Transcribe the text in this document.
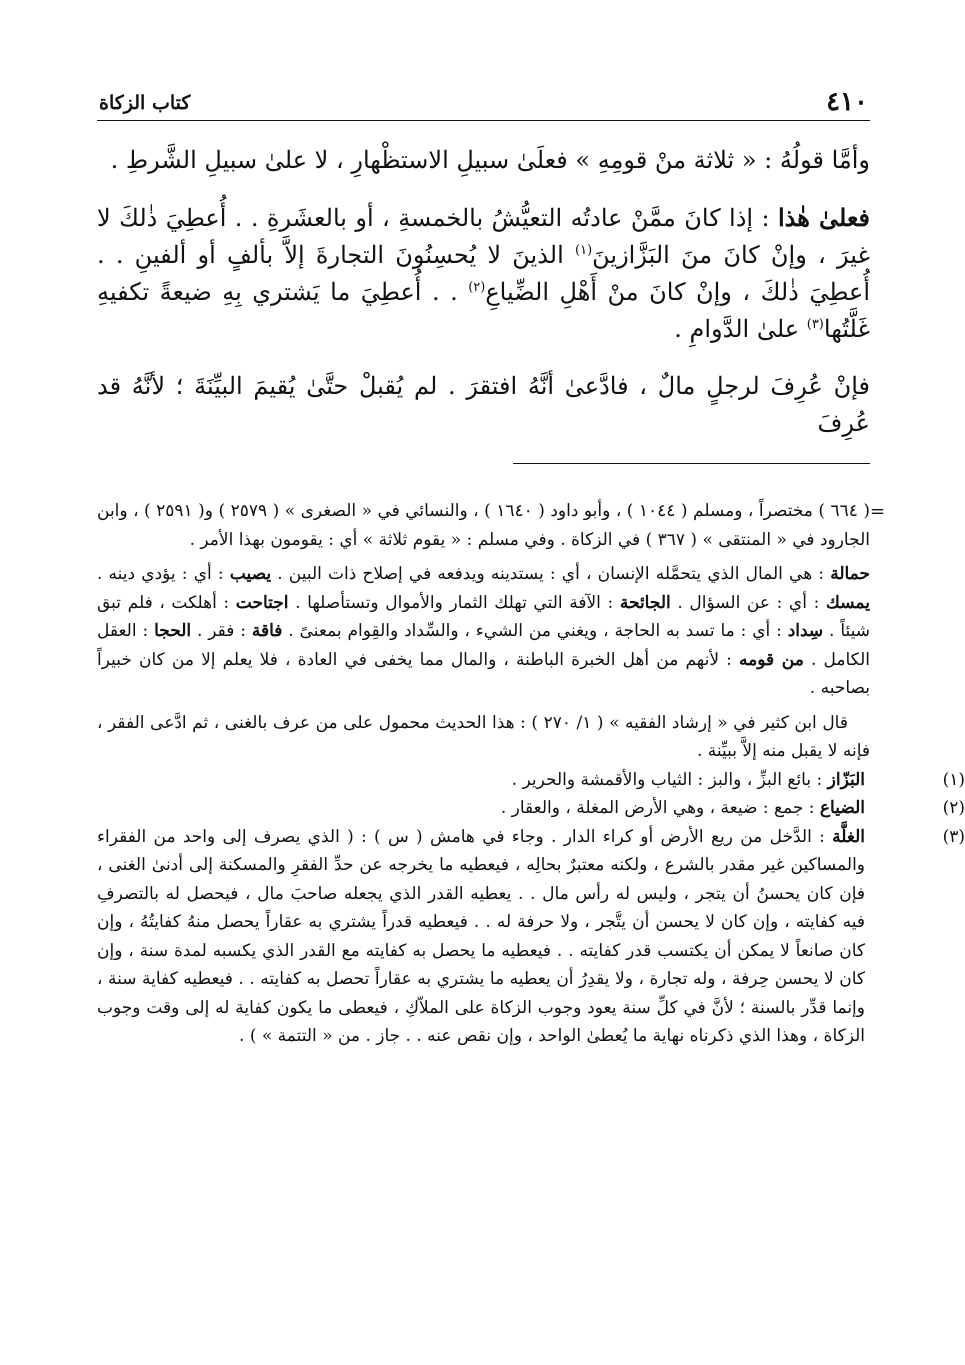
٤١٠
كتاب الزكاة

وأمَّا قولُهُ : « ثلاثة منْ قومِهِ » فعلَىٰ سبيلِ الاستظْهارِ ، لا علىٰ سبيلِ الشَّرطِ .

فعلىٰ هٰذا : إذا كانَ ممَّنْ عادتُه التعيُّشُ بالخمسةِ ، أو بالعشَرةِ . . أُعطِيَ ذٰلكَ لا غيرَ ، وإنْ كانَ منَ البَزَّازينَ$^{(١)}$ الذينَ لا يُحسِنُونَ التجارةَ إلاَّ بألفٍ أو ألفينِ . . أُعطِيَ ذٰلكَ ، وإنْ كانَ منْ أَهْلِ الضِّياعِ$^{(٢)}$ . . أُعطِيَ ما يَشتري بِهِ ضيعةً تكفيهِ غَلَّتُها$^{(٣)}$ علىٰ الدَّوامِ .

فإنْ عُرِفَ لرجلٍ مالٌ ، فادَّعىٰ أنَّهُ افتقرَ . لم يُقبلْ حتَّىٰ يُقيمَ البيِّنَةَ ؛ لأنَّهُ قد عُرِفَ

=

( ٦٦٤ ) مختصراً ، ومسلم ( ١٠٤٤ ) ، وأبو داود ( ١٦٤٠ ) ، والنسائي في « الصغرى » ( ٢٥٧٩ ) و( ٢٥٩١ ) ، وابن الجارود في « المنتقى » ( ٣٦٧ ) في الزكاة . وفي مسلم : « يقوم ثلاثة » أي : يقومون بهذا الأمر .

حمالة : هي المال الذي يتحمَّله الإنسان ، أي : يستدينه ويدفعه في إصلاح ذات البين . يصيب : أي : يؤدي دينه . يمسك : أي : عن السؤال . الجائحة : الآفة التي تهلك الثمار والأموال وتستأصلها . اجتاحت : أهلكت ، فلم تبق شيئاً . سِداد : أي : ما تسد به الحاجة ، ويغني من الشيء ، والسِّداد والقِوام بمعنىً . فاقة : فقر . الحجا : العقل الكامل . من قومه : لأنهم من أهل الخبرة الباطنة ، والمال مما يخفى في العادة ، فلا يعلم إلا من كان خبيراً بصاحبه .

قال ابن كثير في « إرشاد الفقيه » ( ١/ ٢٧٠ ) : هذا الحديث محمول على من عرف بالغنى ، ثم ادَّعى الفقر ، فإنه لا يقبل منه إلاَّ ببيِّنة .

(١)
البَزّاز : بائع البزِّ ، والبز : الثياب والأقمشة والحرير .
(٢)
الضياع : جمع : ضيعة ، وهي الأرض المغلة ، والعقار .
(٣)
الغلَّة : الدَّخل من ريع الأرض أو كراء الدار . وجاء في هامش ( س ) : ( الذي يصرف إلى واحد من الفقراء والمساكين غير مقدر بالشرع ، ولكنه معتبرٌ بحالِه ، فيعطيه ما يخرجه عن حدِّ الفقرِ والمسكنة إلى أدنىٰ الغنى ، فإن كان يحسنُ أن يتجر ، وليس له رأس مال . . يعطيه القدر الذي يجعله صاحبَ مال ، فيحصل له بالتصرفِ فيه كفايته ، وإن كان لا يحسن أن يتَّجر ، ولا حرفة له . . فيعطيه قدراً يشتري به عقاراً يحصل منهُ كفايتُهُ ، وإن كان صانعاً لا يمكن أن يكتسب قدر كفايته . . فيعطيه ما يحصل به كفايته مع القدر الذي يكسبه لمدة سنة ، وإن كان لا يحسن حِرفة ، وله تجارة ، ولا يقدِرُ أن يعطيه ما يشتري به عقاراً تحصل به كفايته . . فيعطيه كفاية سنة ، وإنما قدِّر بالسنة ؛ لأنَّ في كلِّ سنة يعود وجوب الزكاة على الملاّكِ ، فيعطى ما يكون كفاية له إلى وقت وجوب الزكاة ، وهذا الذي ذكرناه نهاية ما يُعطىٰ الواحد ، وإن نقص عنه . . جاز . من « التتمة » ) .
